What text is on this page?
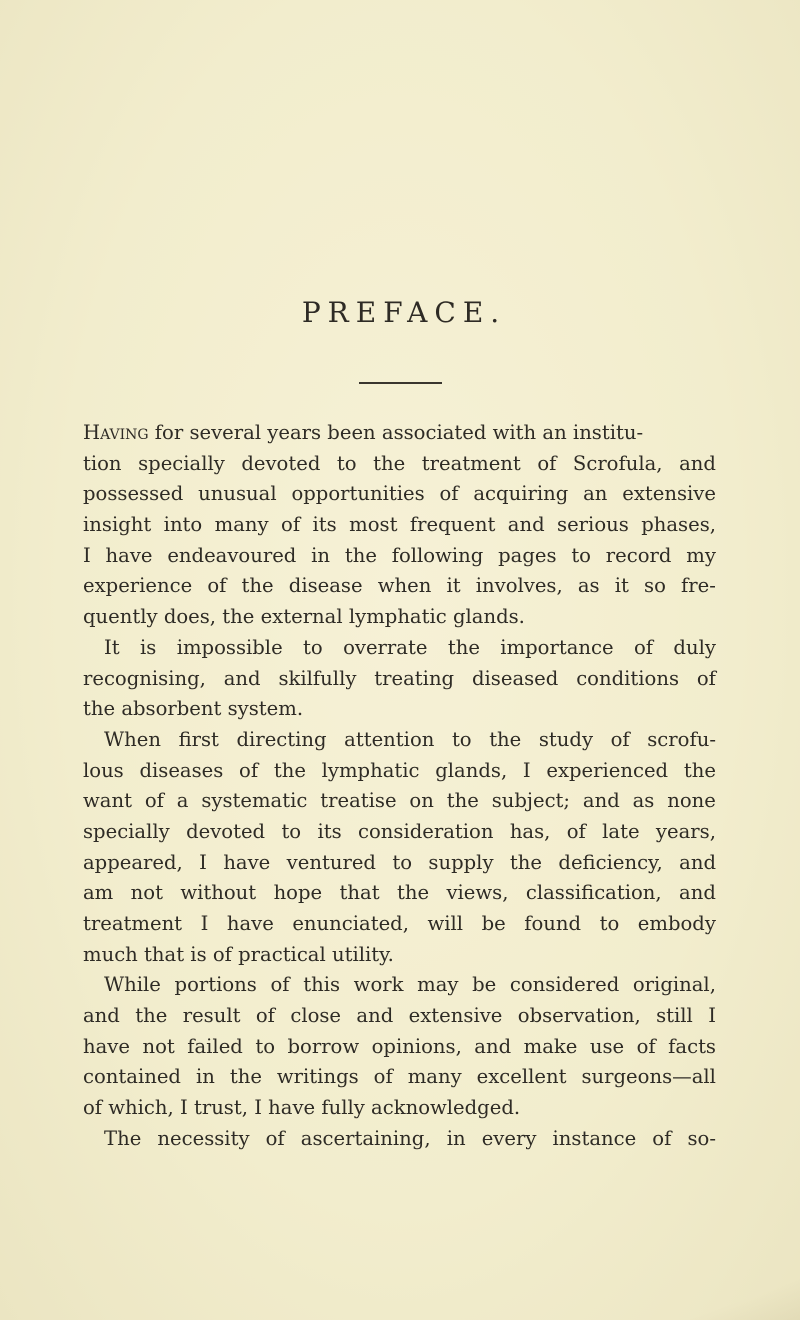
PREFACE.
Having for several years been associated with an institu-
tion specially devoted to the treatment of Scrofula, and
possessed unusual opportunities of acquiring an extensive
insight into many of its most frequent and serious phases,
I have endeavoured in the following pages to record my
experience of the disease when it involves, as it so fre-
quently does, the external lymphatic glands.
It is impossible to overrate the importance of duly
recognising, and skilfully treating diseased conditions of
the absorbent system.
When first directing attention to the study of scrofu-
lous diseases of the lymphatic glands, I experienced the
want of a systematic treatise on the subject; and as none
specially devoted to its consideration has, of late years,
appeared, I have ventured to supply the deficiency, and
am not without hope that the views, classification, and
treatment I have enunciated, will be found to embody
much that is of practical utility.
While portions of this work may be considered original,
and the result of close and extensive observation, still I
have not failed to borrow opinions, and make use of facts
contained in the writings of many excellent surgeons—all
of which, I trust, I have fully acknowledged.
The necessity of ascertaining, in every instance of so-
